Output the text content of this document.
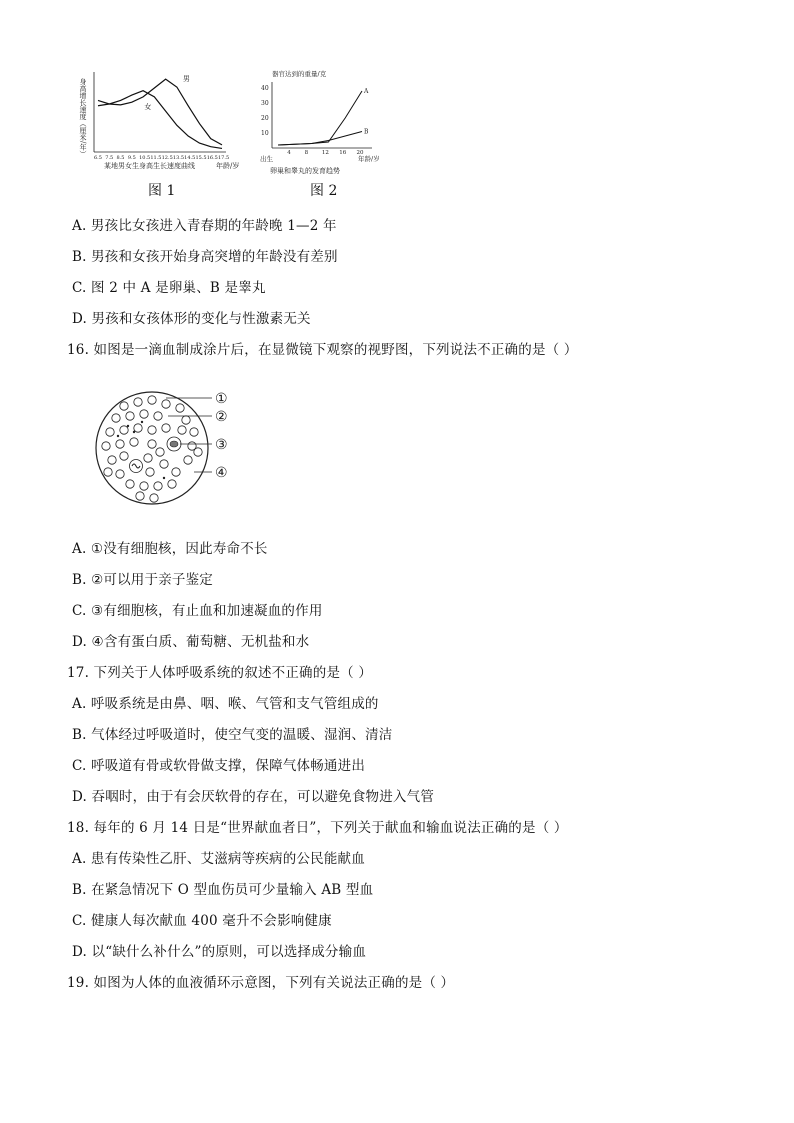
身高增长速度（厘米/年）
6.5 7.5 8.5 9.5 10.5 11.5 12.5 13.5 14.5 15.5 16.5 17.5
年龄/岁
某地男女生身高生长速度曲线
男
女
图 1
器官达到的重量/克
40
30
20
10
4	8	12 16 20
出生	年龄/岁
卵巢和睾丸的发育趋势
A
B
图 2
A. 男孩比女孩进入青春期的年龄晚 1—2 年
B. 男孩和女孩开始身高突增的年龄没有差别
C. 图 2 中 A 是卵巢、B 是睾丸
D. 男孩和女孩体形的变化与性激素无关
16. 如图是一滴血制成涂片后，在显微镜下观察的视野图，下列说法不正确的是（ ）
①
②
③
④
A. ①没有细胞核，因此寿命不长
B. ②可以用于亲子鉴定
C. ③有细胞核，有止血和加速凝血的作用
D. ④含有蛋白质、葡萄糖、无机盐和水
17. 下列关于人体呼吸系统的叙述不正确的是（ ）
A. 呼吸系统是由鼻、咽、喉、气管和支气管组成的
B. 气体经过呼吸道时，使空气变的温暖、湿润、清洁
C. 呼吸道有骨或软骨做支撑，保障气体畅通进出
D. 吞咽时，由于有会厌软骨的存在，可以避免食物进入气管
18. 每年的 6 月 14 日是“世界献血者日”，下列关于献血和输血说法正确的是（ ）
A. 患有传染性乙肝、艾滋病等疾病的公民能献血
B. 在紧急情况下 O 型血伤员可少量输入 AB 型血
C. 健康人每次献血 400 毫升不会影响健康
D. 以“缺什么补什么”的原则，可以选择成分输血
19. 如图为人体的血液循环示意图，下列有关说法正确的是（ ）
